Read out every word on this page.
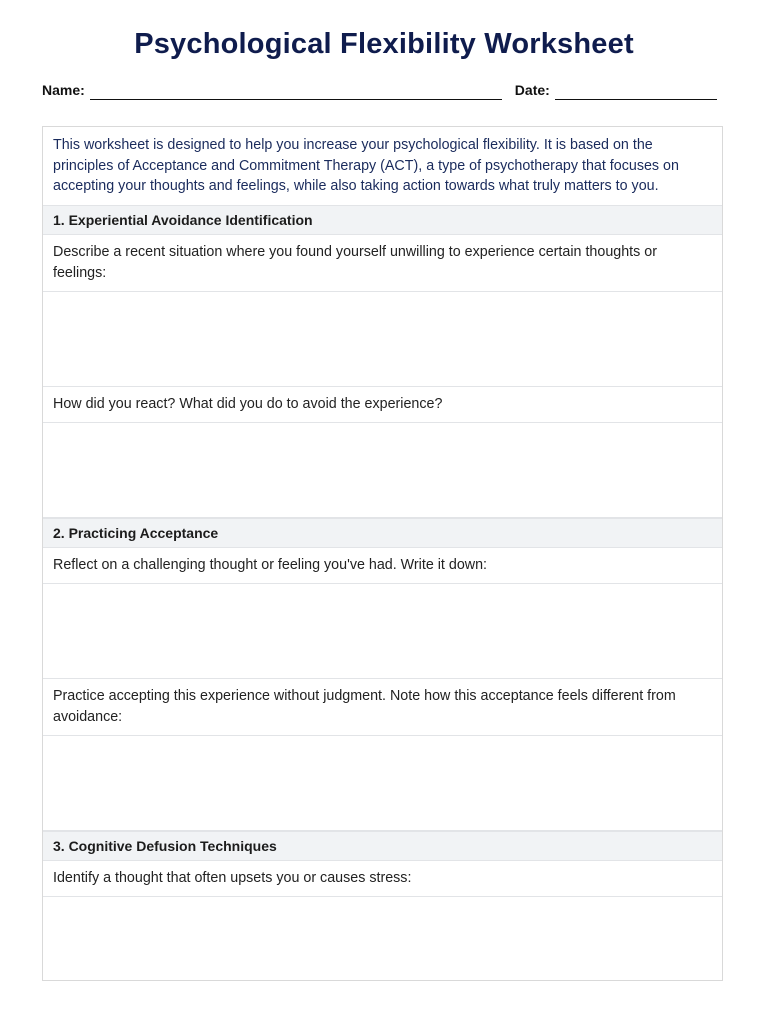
Psychological Flexibility Worksheet
Name:	Date:
This worksheet is designed to help you increase your psychological flexibility. It is based on the principles of Acceptance and Commitment Therapy (ACT), a type of psychotherapy that focuses on accepting your thoughts and feelings, while also taking action towards what truly matters to you.
1. Experiential Avoidance Identification
Describe a recent situation where you found yourself unwilling to experience certain thoughts or feelings:
How did you react? What did you do to avoid the experience?
2. Practicing Acceptance
Reflect on a challenging thought or feeling you've had. Write it down:
Practice accepting this experience without judgment. Note how this acceptance feels different from avoidance:
3. Cognitive Defusion Techniques
Identify a thought that often upsets you or causes stress:
